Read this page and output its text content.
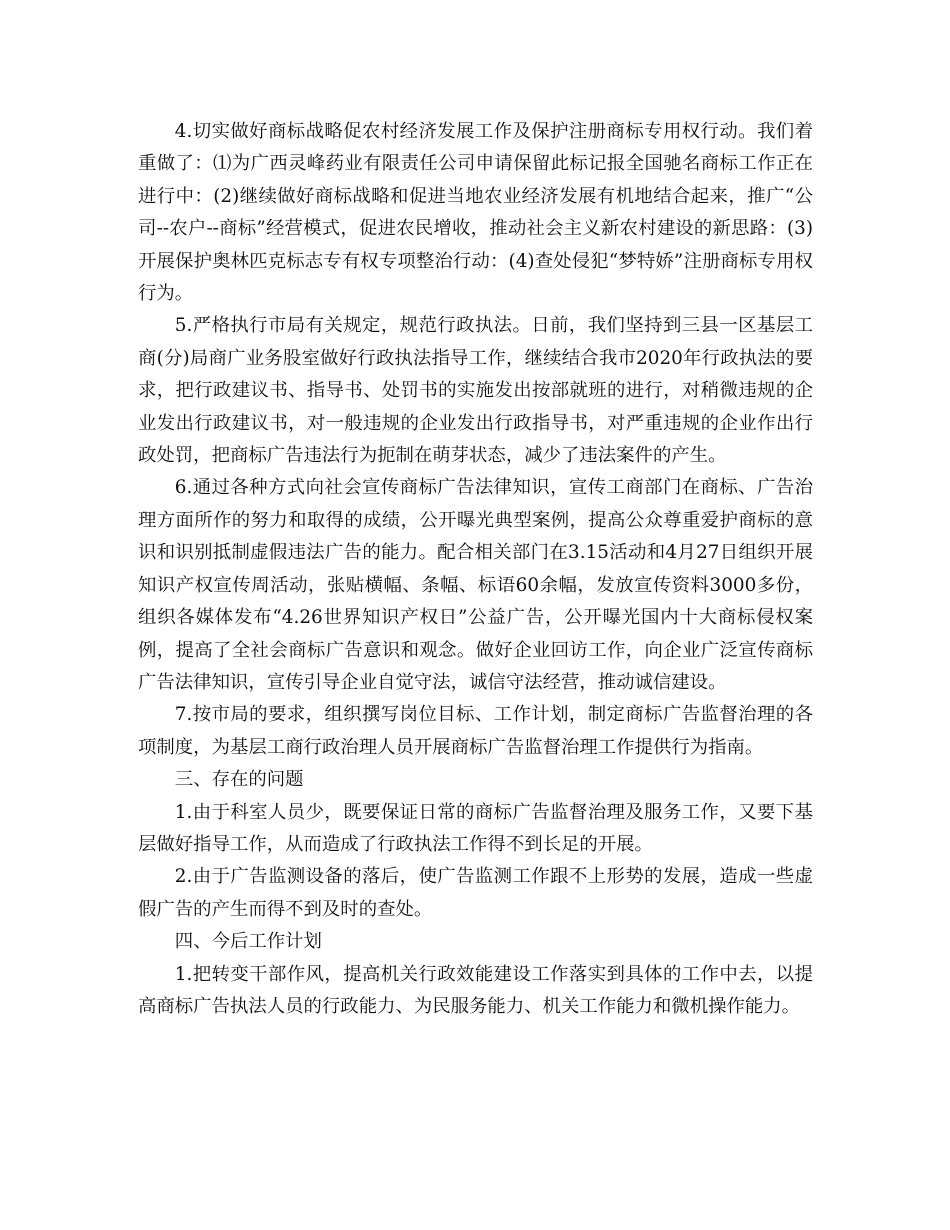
4.切实做好商标战略促农村经济发展工作及保护注册商标专用权行动。我们着重做了：⑴为广西灵峰药业有限责任公司申请保留此标记报全国驰名商标工作正在进行中：(2)继续做好商标战略和促进当地农业经济发展有机地结合起来，推广“公司--农户--商标”经营模式，促进农民增收，推动社会主义新农村建设的新思路：(3)开展保护奥林匹克标志专有权专项整治行动：(4)查处侵犯“梦特娇”注册商标专用权行为。

5.严格执行市局有关规定，规范行政执法。日前，我们坚持到三县一区基层工商(分)局商广业务股室做好行政执法指导工作，继续结合我市2020年行政执法的要求，把行政建议书、指导书、处罚书的实施发出按部就班的进行，对稍微违规的企业发出行政建议书，对一般违规的企业发出行政指导书，对严重违规的企业作出行政处罚，把商标广告违法行为扼制在萌芽状态，减少了违法案件的产生。

6.通过各种方式向社会宣传商标广告法律知识，宣传工商部门在商标、广告治理方面所作的努力和取得的成绩，公开曝光典型案例，提高公众尊重爱护商标的意识和识别抵制虚假违法广告的能力。配合相关部门在3.15活动和4月27日组织开展知识产权宣传周活动，张贴横幅、条幅、标语60余幅，发放宣传资料3000多份，组织各媒体发布“4.26世界知识产权日”公益广告，公开曝光国内十大商标侵权案例，提高了全社会商标广告意识和观念。做好企业回访工作，向企业广泛宣传商标广告法律知识，宣传引导企业自觉守法，诚信守法经营，推动诚信建设。

7.按市局的要求，组织撰写岗位目标、工作计划，制定商标广告监督治理的各项制度，为基层工商行政治理人员开展商标广告监督治理工作提供行为指南。

三、存在的问题

1.由于科室人员少，既要保证日常的商标广告监督治理及服务工作，又要下基层做好指导工作，从而造成了行政执法工作得不到长足的开展。

2.由于广告监测设备的落后，使广告监测工作跟不上形势的发展，造成一些虚假广告的产生而得不到及时的查处。

四、今后工作计划

1.把转变干部作风，提高机关行政效能建设工作落实到具体的工作中去，以提高商标广告执法人员的行政能力、为民服务能力、机关工作能力和微机操作能力。
